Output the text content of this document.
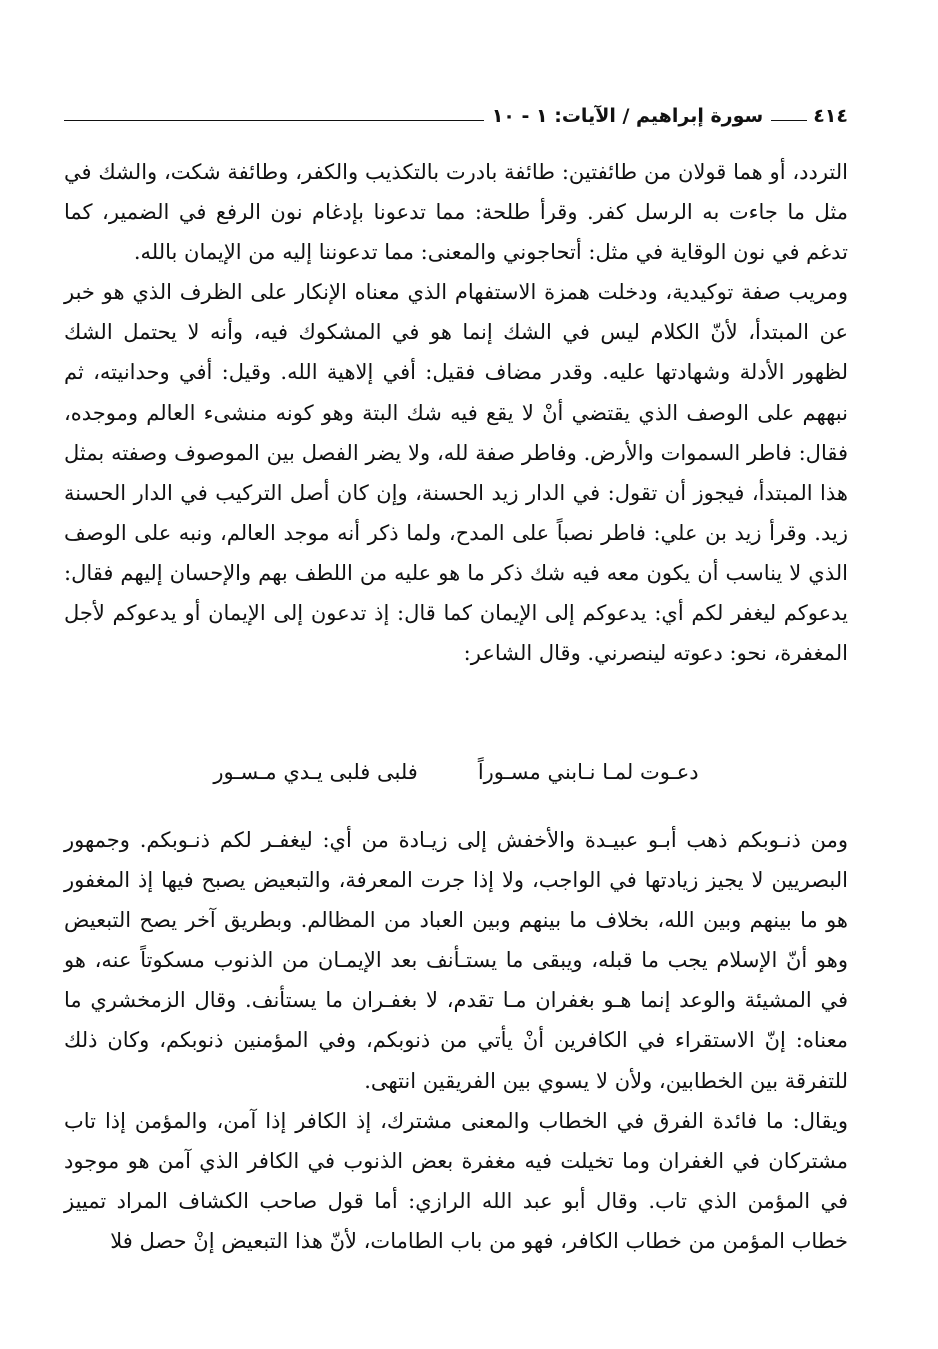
٤١٤
سورة إبراهيم / الآيات: ١ - ١٠

التردد، أو هما قولان من طائفتين: طائفة بادرت بالتكذيب والكفر، وطائفة شكت، والشك في مثل ما جاءت به الرسل كفر. وقرأ طلحة: مما تدعونا بإدغام نون الرفع في الضمير، كما تدغم في نون الوقاية في مثل: أتحاجوني والمعنى: مما تدعوننا إليه من الإيمان بالله.

ومريب صفة توكيدية، ودخلت همزة الاستفهام الذي معناه الإنكار على الظرف الذي هو خبر عن المبتدأ، لأنّ الكلام ليس في الشك إنما هو في المشكوك فيه، وأنه لا يحتمل الشك لظهور الأدلة وشهادتها عليه. وقدر مضاف فقيل: أفي إلاهية الله. وقيل: أفي وحدانيته، ثم نبههم على الوصف الذي يقتضي أنْ لا يقع فيه شك البتة وهو كونه منشىء العالم وموجده، فقال: فاطر السموات والأرض. وفاطر صفة لله، ولا يضر الفصل بين الموصوف وصفته بمثل هذا المبتدأ، فيجوز أن تقول: في الدار زيد الحسنة، وإن كان أصل التركيب في الدار الحسنة زيد. وقرأ زيد بن علي: فاطر نصباً على المدح، ولما ذكر أنه موجد العالم، ونبه على الوصف الذي لا يناسب أن يكون معه فيه شك ذكر ما هو عليه من اللطف بهم والإحسان إليهم فقال: يدعوكم ليغفر لكم أي: يدعوكم إلى الإيمان كما قال: إذ تدعون إلى الإيمان أو يدعوكم لأجل المغفرة، نحو: دعوته لينصرني. وقال الشاعر:

دعـوت لمـا نـابني مسـوراً
فلبى فلبى يـدي مـسـور

ومن ذنـوبكم ذهب أبـو عبيـدة والأخفش إلى زيـادة من أي: ليغفـر لكم ذنـوبكم. وجمهور البصريين لا يجيز زيادتها في الواجب، ولا إذا جرت المعرفة، والتبعيض يصبح فيها إذ المغفور هو ما بينهم وبين الله، بخلاف ما بينهم وبين العباد من المظالم. وبطريق آخر يصح التبعيض وهو أنّ الإسلام يجب ما قبله، ويبقى ما يستـأنف بعد الإيمـان من الذنوب مسكوتاً عنه، هو في المشيئة والوعد إنما هـو بغفران مـا تقدم، لا بغفـران ما يستأنف. وقال الزمخشري ما معناه: إنّ الاستقراء في الكافرين أنْ يأتي من ذنوبكم، وفي المؤمنين ذنوبكم، وكان ذلك للتفرقة بين الخطابين، ولأن لا يسوي بين الفريقين انتهى.

ويقال: ما فائدة الفرق في الخطاب والمعنى مشترك، إذ الكافر إذا آمن، والمؤمن إذا تاب مشتركان في الغفران وما تخيلت فيه مغفرة بعض الذنوب في الكافر الذي آمن هو موجود في المؤمن الذي تاب. وقال أبو عبد الله الرازي: أما قول صاحب الكشاف المراد تمييز خطاب المؤمن من خطاب الكافر، فهو من باب الطامات، لأنّ هذا التبعيض إنْ حصل فلا
